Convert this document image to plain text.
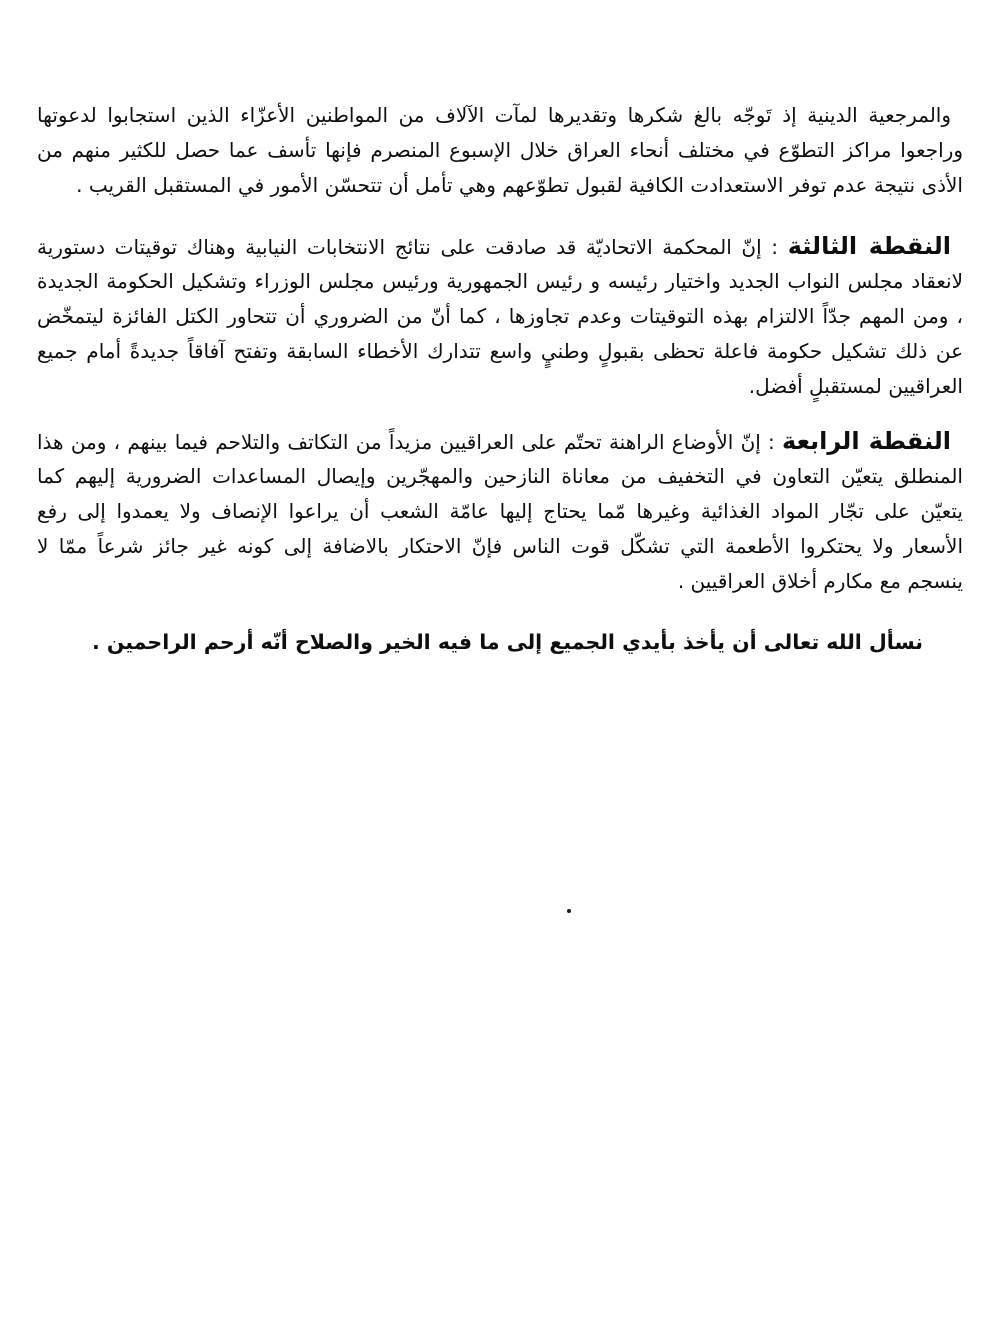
والمرجعية الدينية إذ تَوجّه بالغ شكرها وتقديرها لمآت الآلاف من المواطنين الأعزّاء الذين استجابوا لدعوتها
وراجعوا مراكز التطوّع في مختلف أنحاء العراق خلال الإسبوع المنصرم فإنها تأسف عما حصل للكثير منهم من
الأذى نتيجة عدم توفر الاستعدادت الكافية لقبول تطوّعهم وهي تأمل أن تتحسّن الأمور في المستقبل القريب .
النقطة الثالثة : إنّ المحكمة الاتحاديّة قد صادقت على نتائج الانتخابات النيابية وهناك توقيتات دستورية
لانعقاد مجلس النواب الجديد واختيار رئيسه و رئيس الجمهورية ورئيس مجلس الوزراء وتشكيل الحكومة الجديدة
، ومن المهم جدّاً الالتزام بهذه التوقيتات وعدم تجاوزها ، كما أنّ من الضروري أن تتحاور الكتل الفائزة ليتمخّض
عن ذلك تشكيل حكومة فاعلة تحظى بقبولٍ وطنيٍ واسع تتدارك الأخطاء السابقة وتفتح آفاقاً جديدةً أمام جميع
العراقيين لمستقبلٍ أفضل.
النقطة الرابعة : إنّ الأوضاع الراهنة تحتّم على العراقيين مزيداً من التكاتف والتلاحم فيما بينهم ، ومن هذا
المنطلق يتعيّن التعاون في التخفيف من معاناة النازحين والمهجّرين وإيصال المساعدات الضرورية إليهم كما
يتعيّن على تجّار المواد الغذائية وغيرها مّما يحتاج إليها عامّة الشعب أن يراعوا الإنصاف ولا يعمدوا إلى رفع
الأسعار ولا يحتكروا الأطعمة التي تشكّل قوت الناس فإنّ الاحتكار بالاضافة إلى كونه غير جائز شرعاً ممّا لا
ينسجم مع مكارم أخلاق العراقيين .
نسأل الله تعالى أن يأخذ بأيدي الجميع إلى ما فيه الخير والصلاح أنّه أرحم الراحمين .
